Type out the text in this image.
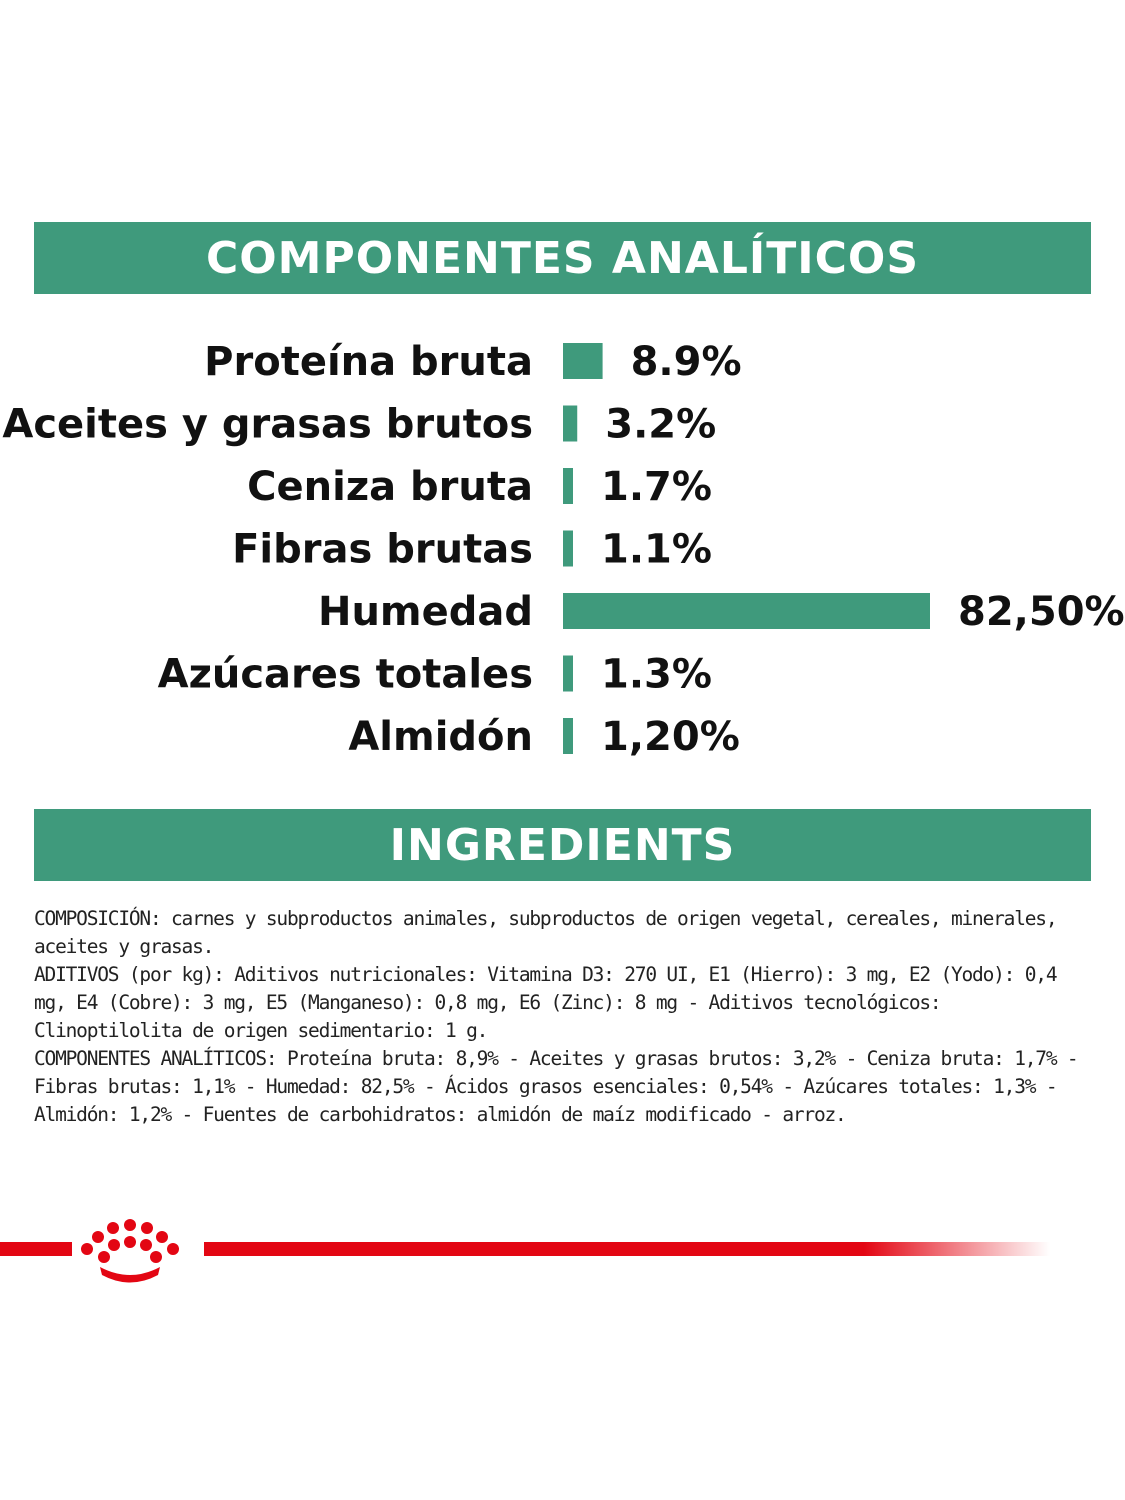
COMPONENTES ANALÍTICOS
Proteína bruta 8.9%
Aceites y grasas brutos 3.2%
Ceniza bruta 1.7%
Fibras brutas 1.1%
Humedad	82,50%
Azúcares totales 1.3%
Almidón 1,20%
INGREDIENTS

COMPOSICIÓN: carnes y subproductos animales, subproductos de origen vegetal, cereales, minerales, aceites y grasas.

ADITIVOS (por kg): Aditivos nutricionales: Vitamina D3: 270 UI, E1 (Hierro): 3 mg, E2 (Yodo): 0,4 mg, E4 (Cobre): 3 mg, E5 (Manganeso): 0,8 mg, E6 (Zinc): 8 mg - Aditivos tecnológicos: Clinoptilolita de origen sedimentario: 1 g.

COMPONENTES ANALÍTICOS: Proteína bruta: 8,9% - Aceites y grasas brutos: 3,2% - Ceniza bruta: 1,7% - Fibras brutas: 1,1% - Humedad: 82,5% - Ácidos grasos esenciales: 0,54% - Azúcares totales: 1,3% - Almidón: 1,2% - Fuentes de carbohidratos: almidón de maíz modificado - arroz.
